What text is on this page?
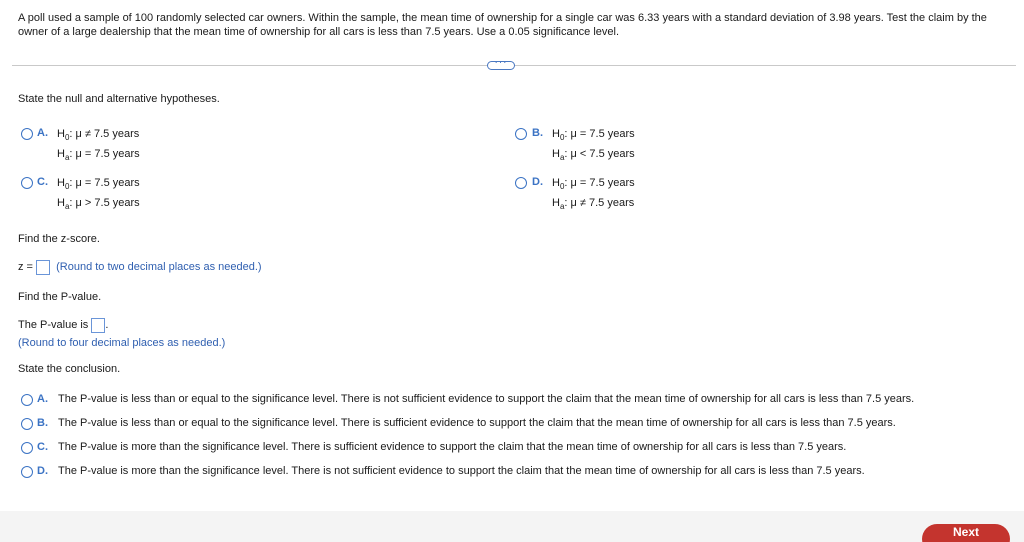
A poll used a sample of 100 randomly selected car owners. Within the sample, the mean time of ownership for a single car was 6.33 years with a standard deviation of 3.98 years. Test the claim by the owner of a large dealership that the mean time of ownership for all cars is less than 7.5 years. Use a 0.05 significance level.
···
State the null and alternative hypotheses.
A. $H_0$: μ ≠ 7.5 years
$H_a$: μ = 7.5 years
B. $H_0$: μ = 7.5 years
$H_a$: μ < 7.5 years
C. $H_0$: μ = 7.5 years
$H_a$: μ > 7.5 years
D. $H_0$: μ = 7.5 years
$H_a$: μ ≠ 7.5 years
Find the z-score.
z = (Round to two decimal places as needed.)
Find the P-value.
The P-value is .
(Round to four decimal places as needed.)
State the conclusion.
A. The P-value is less than or equal to the significance level. There is not sufficient evidence to support the claim that the mean time of ownership for all cars is less than 7.5 years.
B. The P-value is less than or equal to the significance level. There is sufficient evidence to support the claim that the mean time of ownership for all cars is less than 7.5 years.
C. The P-value is more than the significance level. There is sufficient evidence to support the claim that the mean time of ownership for all cars is less than 7.5 years.
D. The P-value is more than the significance level. There is not sufficient evidence to support the claim that the mean time of ownership for all cars is less than 7.5 years.
Next
